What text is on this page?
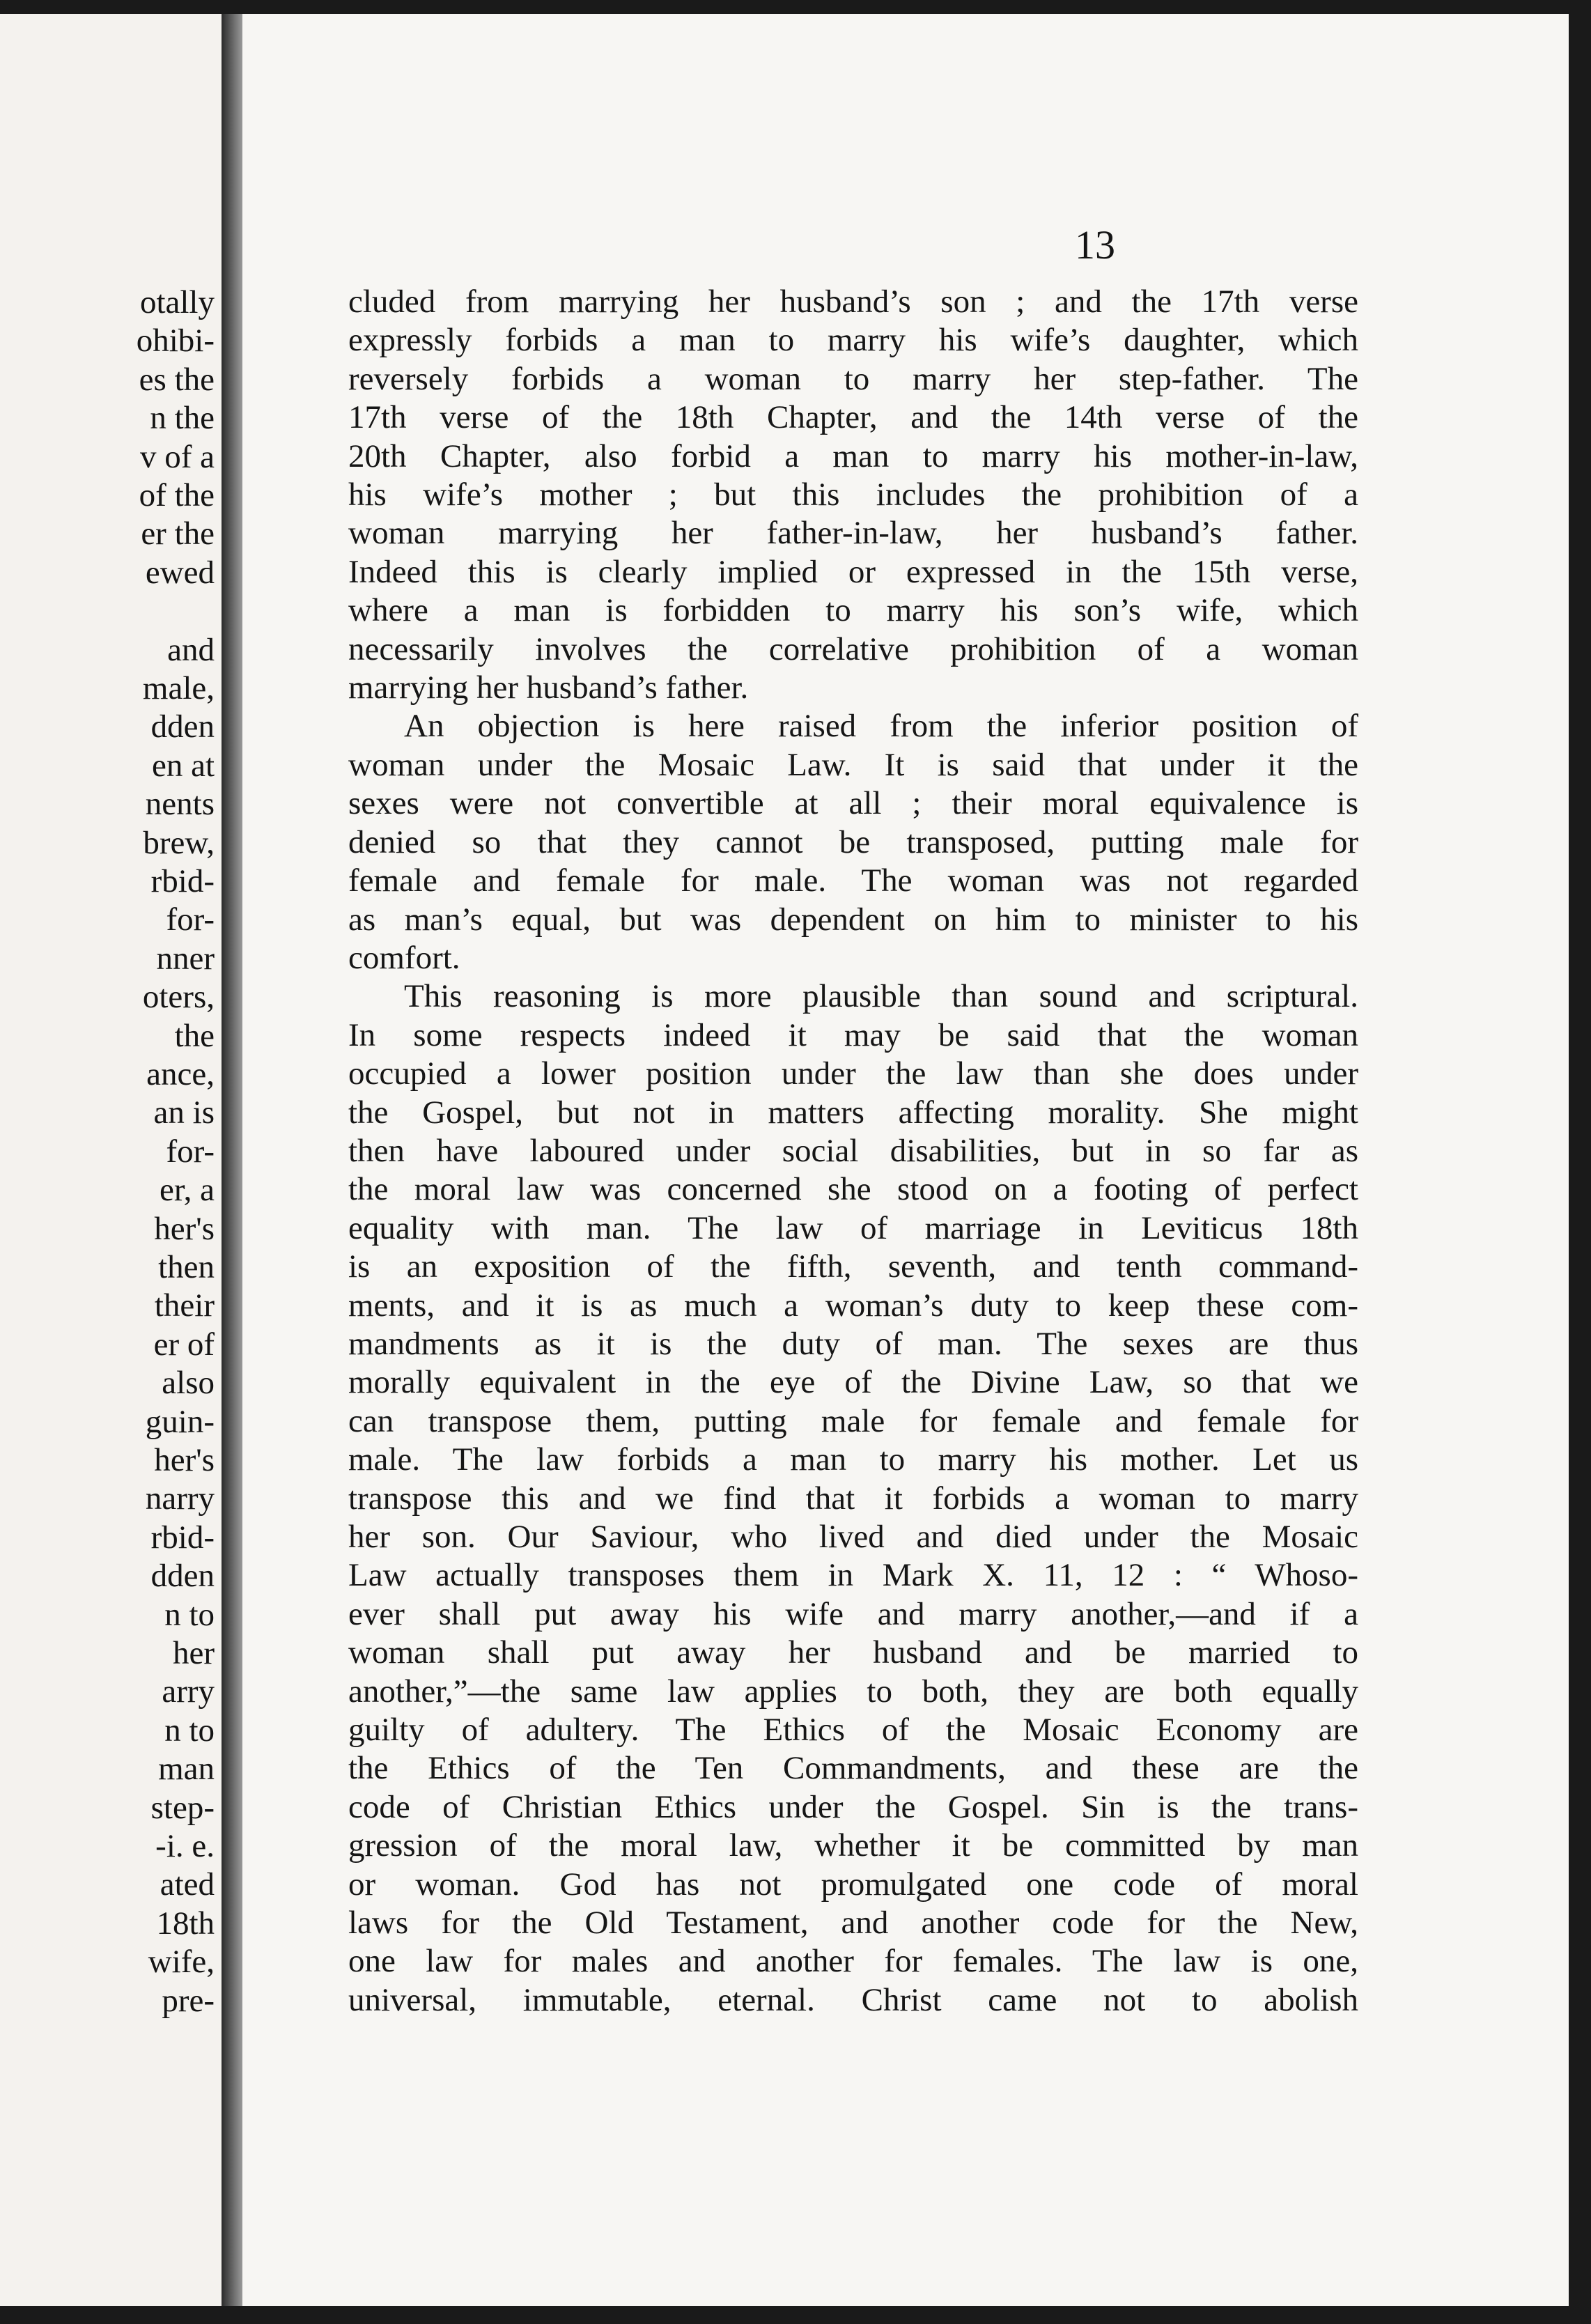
otally
ohibi-
es the
n the
v of a
of the
er the
ewed
and
male,
dden
en at
nents
brew,
rbid-
for-
nner
oters,
the
ance,
an is
for-
er, a
her's
then
their
er of
also
guin-
her's
narry
rbid-
dden
n to
her
arry
n to
man
step-
-i. e.
ated
18th
wife,
pre-
13
cluded from marrying her husband’s son ; and the 17th verse
expressly forbids a man to marry his wife’s daughter, which
reversely forbids a woman to marry her step-father. The
17th verse of the 18th Chapter, and the 14th verse of the
20th Chapter, also forbid a man to marry his mother-in-law,
his wife’s mother ; but this includes the prohibition of a
woman marrying her father-in-law, her husband’s father.
Indeed this is clearly implied or expressed in the 15th verse,
where a man is forbidden to marry his son’s wife, which
necessarily involves the correlative prohibition of a woman
marrying her husband’s father.
An objection is here raised from the inferior position of
woman under the Mosaic Law. It is said that under it the
sexes were not convertible at all ; their moral equivalence is
denied so that they cannot be transposed, putting male for
female and female for male. The woman was not regarded
as man’s equal, but was dependent on him to minister to his
comfort.
This reasoning is more plausible than sound and scriptural.
In some respects indeed it may be said that the woman
occupied a lower position under the law than she does under
the Gospel, but not in matters affecting morality. She might
then have laboured under social disabilities, but in so far as
the moral law was concerned she stood on a footing of perfect
equality with man. The law of marriage in Leviticus 18th
is an exposition of the fifth, seventh, and tenth command-
ments, and it is as much a woman’s duty to keep these com-
mandments as it is the duty of man. The sexes are thus
morally equivalent in the eye of the Divine Law, so that we
can transpose them, putting male for female and female for
male. The law forbids a man to marry his mother. Let us
transpose this and we find that it forbids a woman to marry
her son. Our Saviour, who lived and died under the Mosaic
Law actually transposes them in Mark X. 11, 12 : “ Whoso-
ever shall put away his wife and marry another,—and if a
woman shall put away her husband and be married to
another,”—the same law applies to both, they are both equally
guilty of adultery. The Ethics of the Mosaic Economy are
the Ethics of the Ten Commandments, and these are the
code of Christian Ethics under the Gospel. Sin is the trans-
gression of the moral law, whether it be committed by man
or woman. God has not promulgated one code of moral
laws for the Old Testament, and another code for the New,
one law for males and another for females. The law is one,
universal, immutable, eternal. Christ came not to abolish
